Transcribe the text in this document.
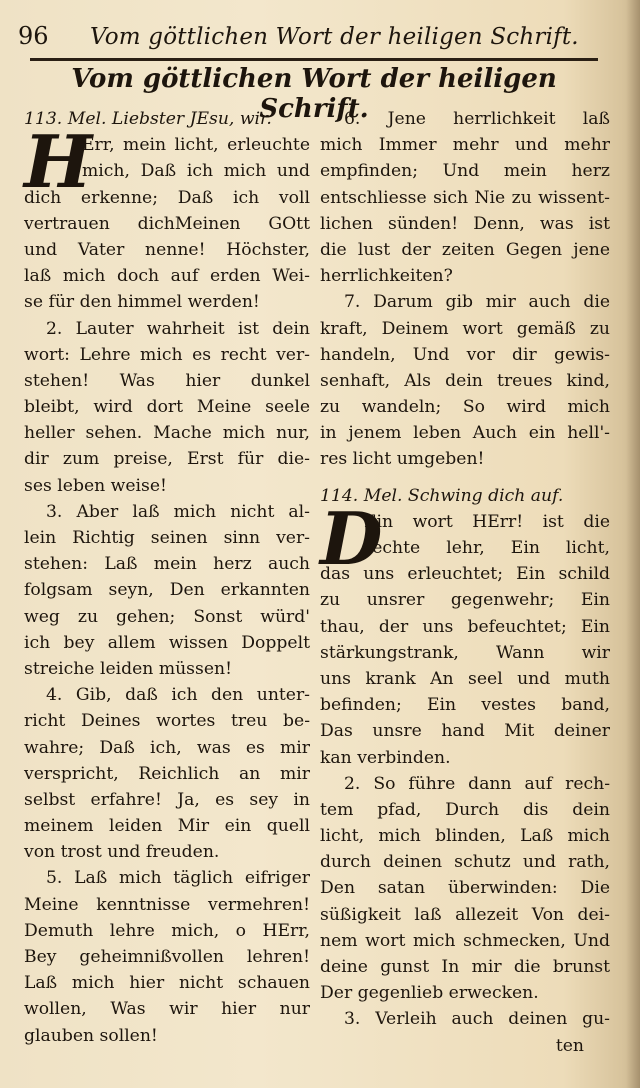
96	Vom göttlichen Wort der heiligen Schrift.
Vom göttlichen Wort der heiligen Schrift.
113. Mel. Liebster JEsu, wir.
H
Err, mein licht, erleuchte
mich, Daß ich mich und
dich erkenne; Daß ich voll
vertrauen dichMeinen GOtt
und Vater nenne! Höchster,
laß mich doch auf erden Wei-
se für den himmel werden!
2. Lauter wahrheit ist dein
wort: Lehre mich es recht ver-
stehen! Was hier dunkel
bleibt, wird dort Meine seele
heller sehen. Mache mich nur,
dir zum preise, Erst für die-
ses leben weise!
3. Aber laß mich nicht al-
lein Richtig seinen sinn ver-
stehen: Laß mein herz auch
folgsam seyn, Den erkannten
weg zu gehen; Sonst würd'
ich bey allem wissen Doppelt
streiche leiden müssen!
4. Gib, daß ich den unter-
richt Deines wortes treu be-
wahre; Daß ich, was es mir
verspricht, Reichlich an mir
selbst erfahre! Ja, es sey in
meinem leiden Mir ein quell
von trost und freuden.
5. Laß mich täglich eifriger
Meine kenntnisse vermehren!
Demuth lehre mich, o HErr,
Bey geheimnißvollen lehren!
Laß mich hier nicht schauen
wollen, Was wir hier nur
glauben sollen!
6. Jene herrlichkeit laß
mich Immer mehr und mehr
empfinden; Und mein herz
entschliesse sich Nie zu wissent-
lichen sünden! Denn, was ist
die lust der zeiten Gegen jene
herrlichkeiten?
7. Darum gib mir auch die
kraft, Deinem wort gemäß zu
handeln, Und vor dir gewis-
senhaft, Als dein treues kind,
zu wandeln; So wird mich
in jenem leben Auch ein hell'-
res licht umgeben!
114. Mel. Schwing dich auf.
D
Ein wort HErr! ist die
rechte lehr, Ein licht,
das uns erleuchtet; Ein schild
zu unsrer gegenwehr; Ein
thau, der uns befeuchtet; Ein
stärkungstrank, Wann wir
uns krank An seel und muth
befinden; Ein vestes band,
Das unsre hand Mit deiner
kan verbinden.
2. So führe dann auf rech-
tem pfad, Durch dis dein
licht, mich blinden, Laß mich
durch deinen schutz und rath,
Den satan überwinden: Die
süßigkeit laß allezeit Von dei-
nem wort mich schmecken, Und
deine gunst In mir die brunst
Der gegenlieb erwecken.
3. Verleih auch deinen gu-
ten
